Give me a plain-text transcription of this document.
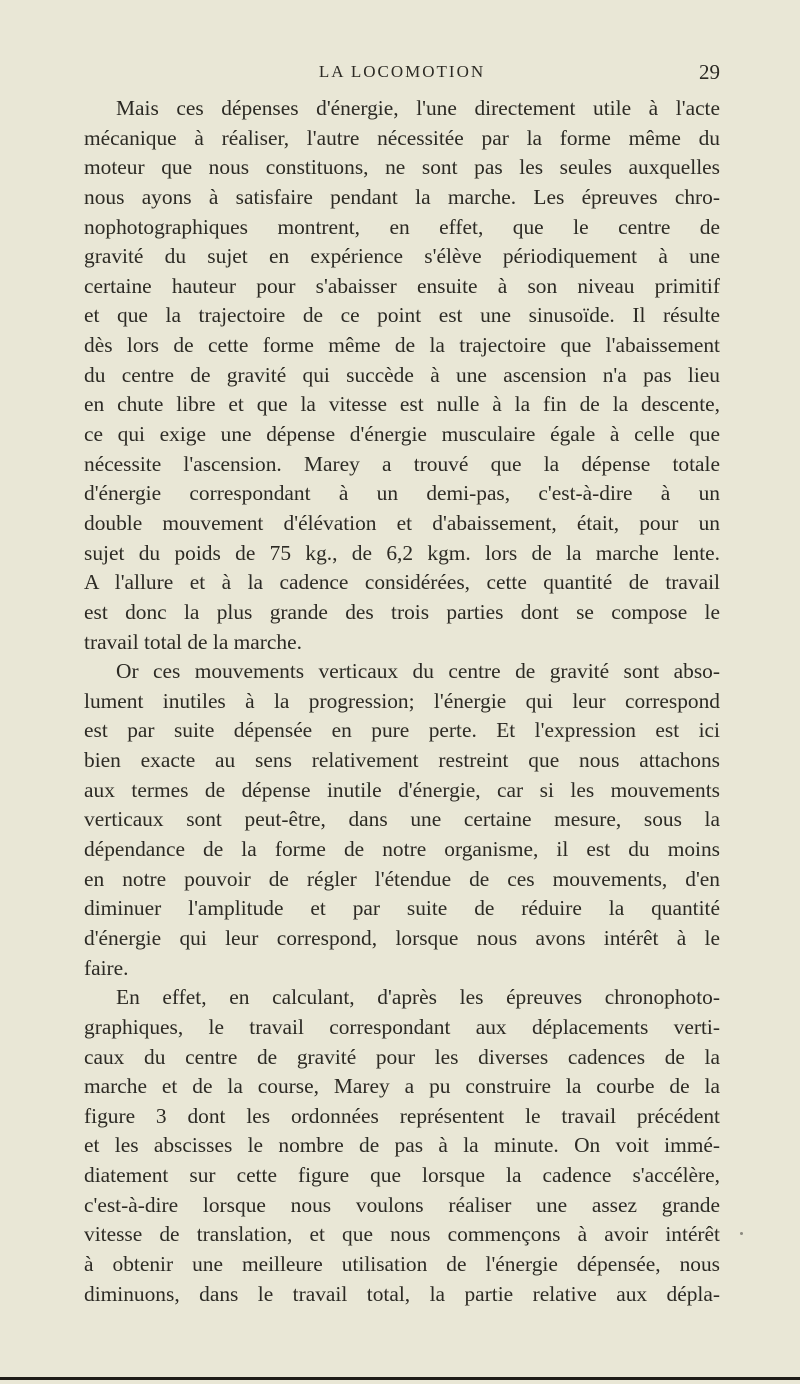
LA LOCOMOTION	29
Mais ces dépenses d'énergie, l'une directement utile à l'acte
mécanique à réaliser, l'autre nécessitée par la forme même du
moteur que nous constituons, ne sont pas les seules auxquelles
nous ayons à satisfaire pendant la marche. Les épreuves chro-
nophotographiques montrent, en effet, que le centre de
gravité du sujet en expérience s'élève périodiquement à une
certaine hauteur pour s'abaisser ensuite à son niveau primitif
et que la trajectoire de ce point est une sinusoïde. Il résulte
dès lors de cette forme même de la trajectoire que l'abaissement
du centre de gravité qui succède à une ascension n'a pas lieu
en chute libre et que la vitesse est nulle à la fin de la descente,
ce qui exige une dépense d'énergie musculaire égale à celle que
nécessite l'ascension. Marey a trouvé que la dépense totale
d'énergie correspondant à un demi-pas, c'est-à-dire à un
double mouvement d'élévation et d'abaissement, était, pour un
sujet du poids de 75 kg., de 6,2 kgm. lors de la marche lente.
A l'allure et à la cadence considérées, cette quantité de travail
est donc la plus grande des trois parties dont se compose le
travail total de la marche.
Or ces mouvements verticaux du centre de gravité sont abso-
lument inutiles à la progression; l'énergie qui leur correspond
est par suite dépensée en pure perte. Et l'expression est ici
bien exacte au sens relativement restreint que nous attachons
aux termes de dépense inutile d'énergie, car si les mouvements
verticaux sont peut-être, dans une certaine mesure, sous la
dépendance de la forme de notre organisme, il est du moins
en notre pouvoir de régler l'étendue de ces mouvements, d'en
diminuer l'amplitude et par suite de réduire la quantité
d'énergie qui leur correspond, lorsque nous avons intérêt à le
faire.
En effet, en calculant, d'après les épreuves chronophoto-
graphiques, le travail correspondant aux déplacements verti-
caux du centre de gravité pour les diverses cadences de la
marche et de la course, Marey a pu construire la courbe de la
figure 3 dont les ordonnées représentent le travail précédent
et les abscisses le nombre de pas à la minute. On voit immé-
diatement sur cette figure que lorsque la cadence s'accélère,
c'est-à-dire lorsque nous voulons réaliser une assez grande
vitesse de translation, et que nous commençons à avoir intérêt
à obtenir une meilleure utilisation de l'énergie dépensée, nous
diminuons, dans le travail total, la partie relative aux dépla-
